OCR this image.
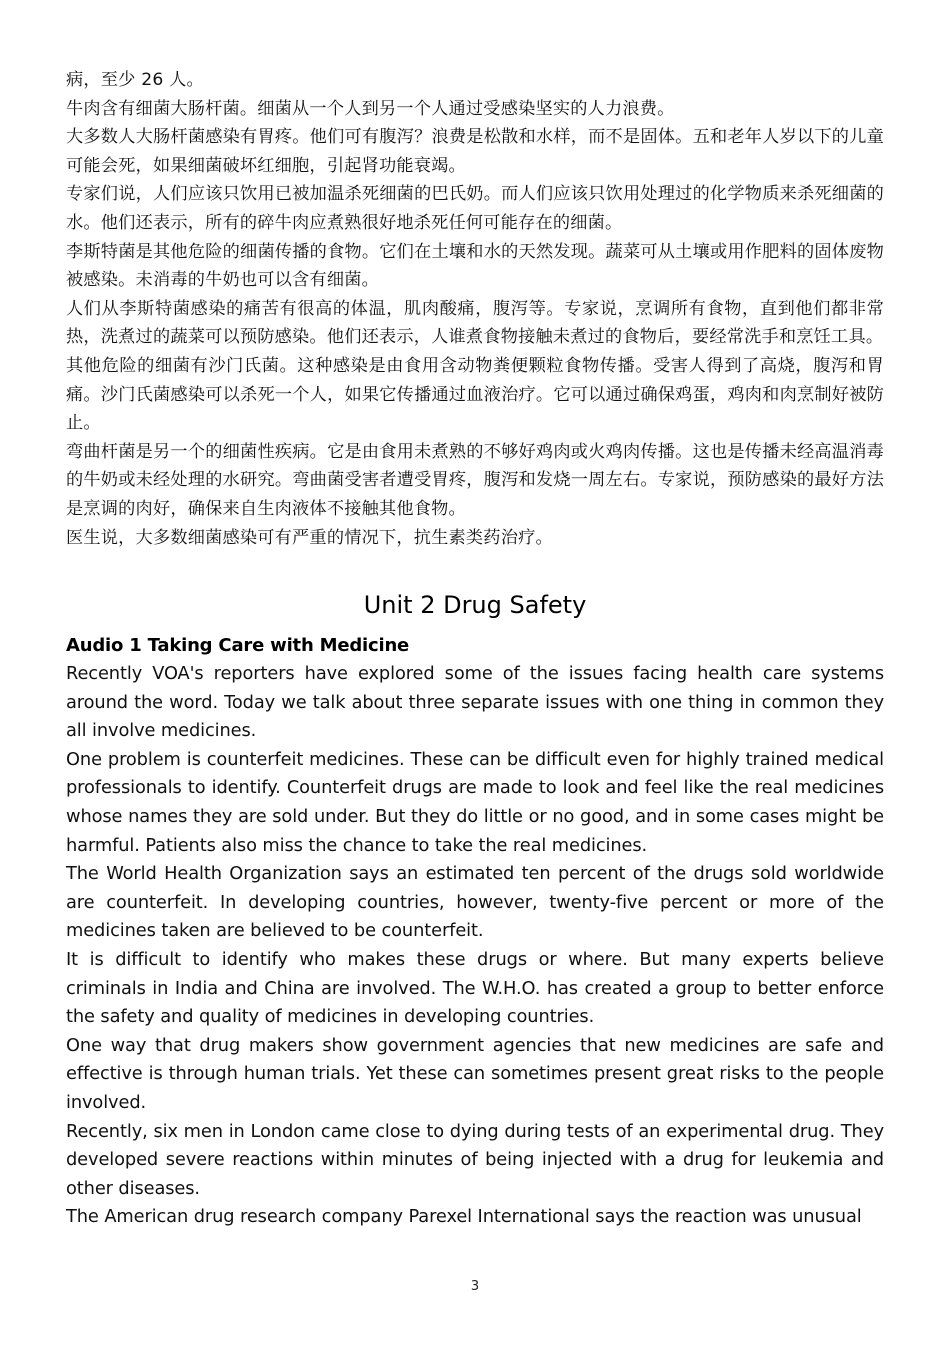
病，至少 26 人。

牛肉含有细菌大肠杆菌。细菌从一个人到另一个人通过受感染坚实的人力浪费。

大多数人大肠杆菌感染有胃疼。他们可有腹泻？浪费是松散和水样，而不是固体。五和老年人岁以下的儿童可能会死，如果细菌破坏红细胞，引起肾功能衰竭。

专家们说，人们应该只饮用已被加温杀死细菌的巴氏奶。而人们应该只饮用处理过的化学物质来杀死细菌的水。他们还表示，所有的碎牛肉应煮熟很好地杀死任何可能存在的细菌。

李斯特菌是其他危险的细菌传播的食物。它们在土壤和水的天然发现。蔬菜可从土壤或用作肥料的固体废物被感染。未消毒的牛奶也可以含有细菌。

人们从李斯特菌感染的痛苦有很高的体温，肌肉酸痛，腹泻等。专家说，烹调所有食物，直到他们都非常热，洗煮过的蔬菜可以预防感染。他们还表示，人谁煮食物接触未煮过的食物后，要经常洗手和烹饪工具。

其他危险的细菌有沙门氏菌。这种感染是由食用含动物粪便颗粒食物传播。受害人得到了高烧，腹泻和胃痛。沙门氏菌感染可以杀死一个人，如果它传播通过血液治疗。它可以通过确保鸡蛋，鸡肉和肉烹制好被防止。

弯曲杆菌是另一个的细菌性疾病。它是由食用未煮熟的不够好鸡肉或火鸡肉传播。这也是传播未经高温消毒的牛奶或未经处理的水研究。弯曲菌受害者遭受胃疼，腹泻和发烧一周左右。专家说，预防感染的最好方法是烹调的肉好，确保来自生肉液体不接触其他食物。

医生说，大多数细菌感染可有严重的情况下，抗生素类药治疗。

Unit 2 Drug Safety
Audio 1 Taking Care with Medicine

Recently VOA's reporters have explored some of the issues facing health care systems around the word. Today we talk about three separate issues with one thing in common they all involve medicines.

One problem is counterfeit medicines. These can be difficult even for highly trained medical professionals to identify. Counterfeit drugs are made to look and feel like the real medicines whose names they are sold under. But they do little or no good, and in some cases might be harmful. Patients also miss the chance to take the real medicines.

The World Health Organization says an estimated ten percent of the drugs sold worldwide are counterfeit. In developing countries, however, twenty-five percent or more of the medicines taken are believed to be counterfeit.

It is difficult to identify who makes these drugs or where. But many experts believe criminals in India and China are involved. The W.H.O. has created a group to better enforce the safety and quality of medicines in developing countries.

One way that drug makers show government agencies that new medicines are safe and effective is through human trials. Yet these can sometimes present great risks to the people involved.

Recently, six men in London came close to dying during tests of an experimental drug. They developed severe reactions within minutes of being injected with a drug for leukemia and other diseases.

The American drug research company Parexel International says the reaction was unusual

3
